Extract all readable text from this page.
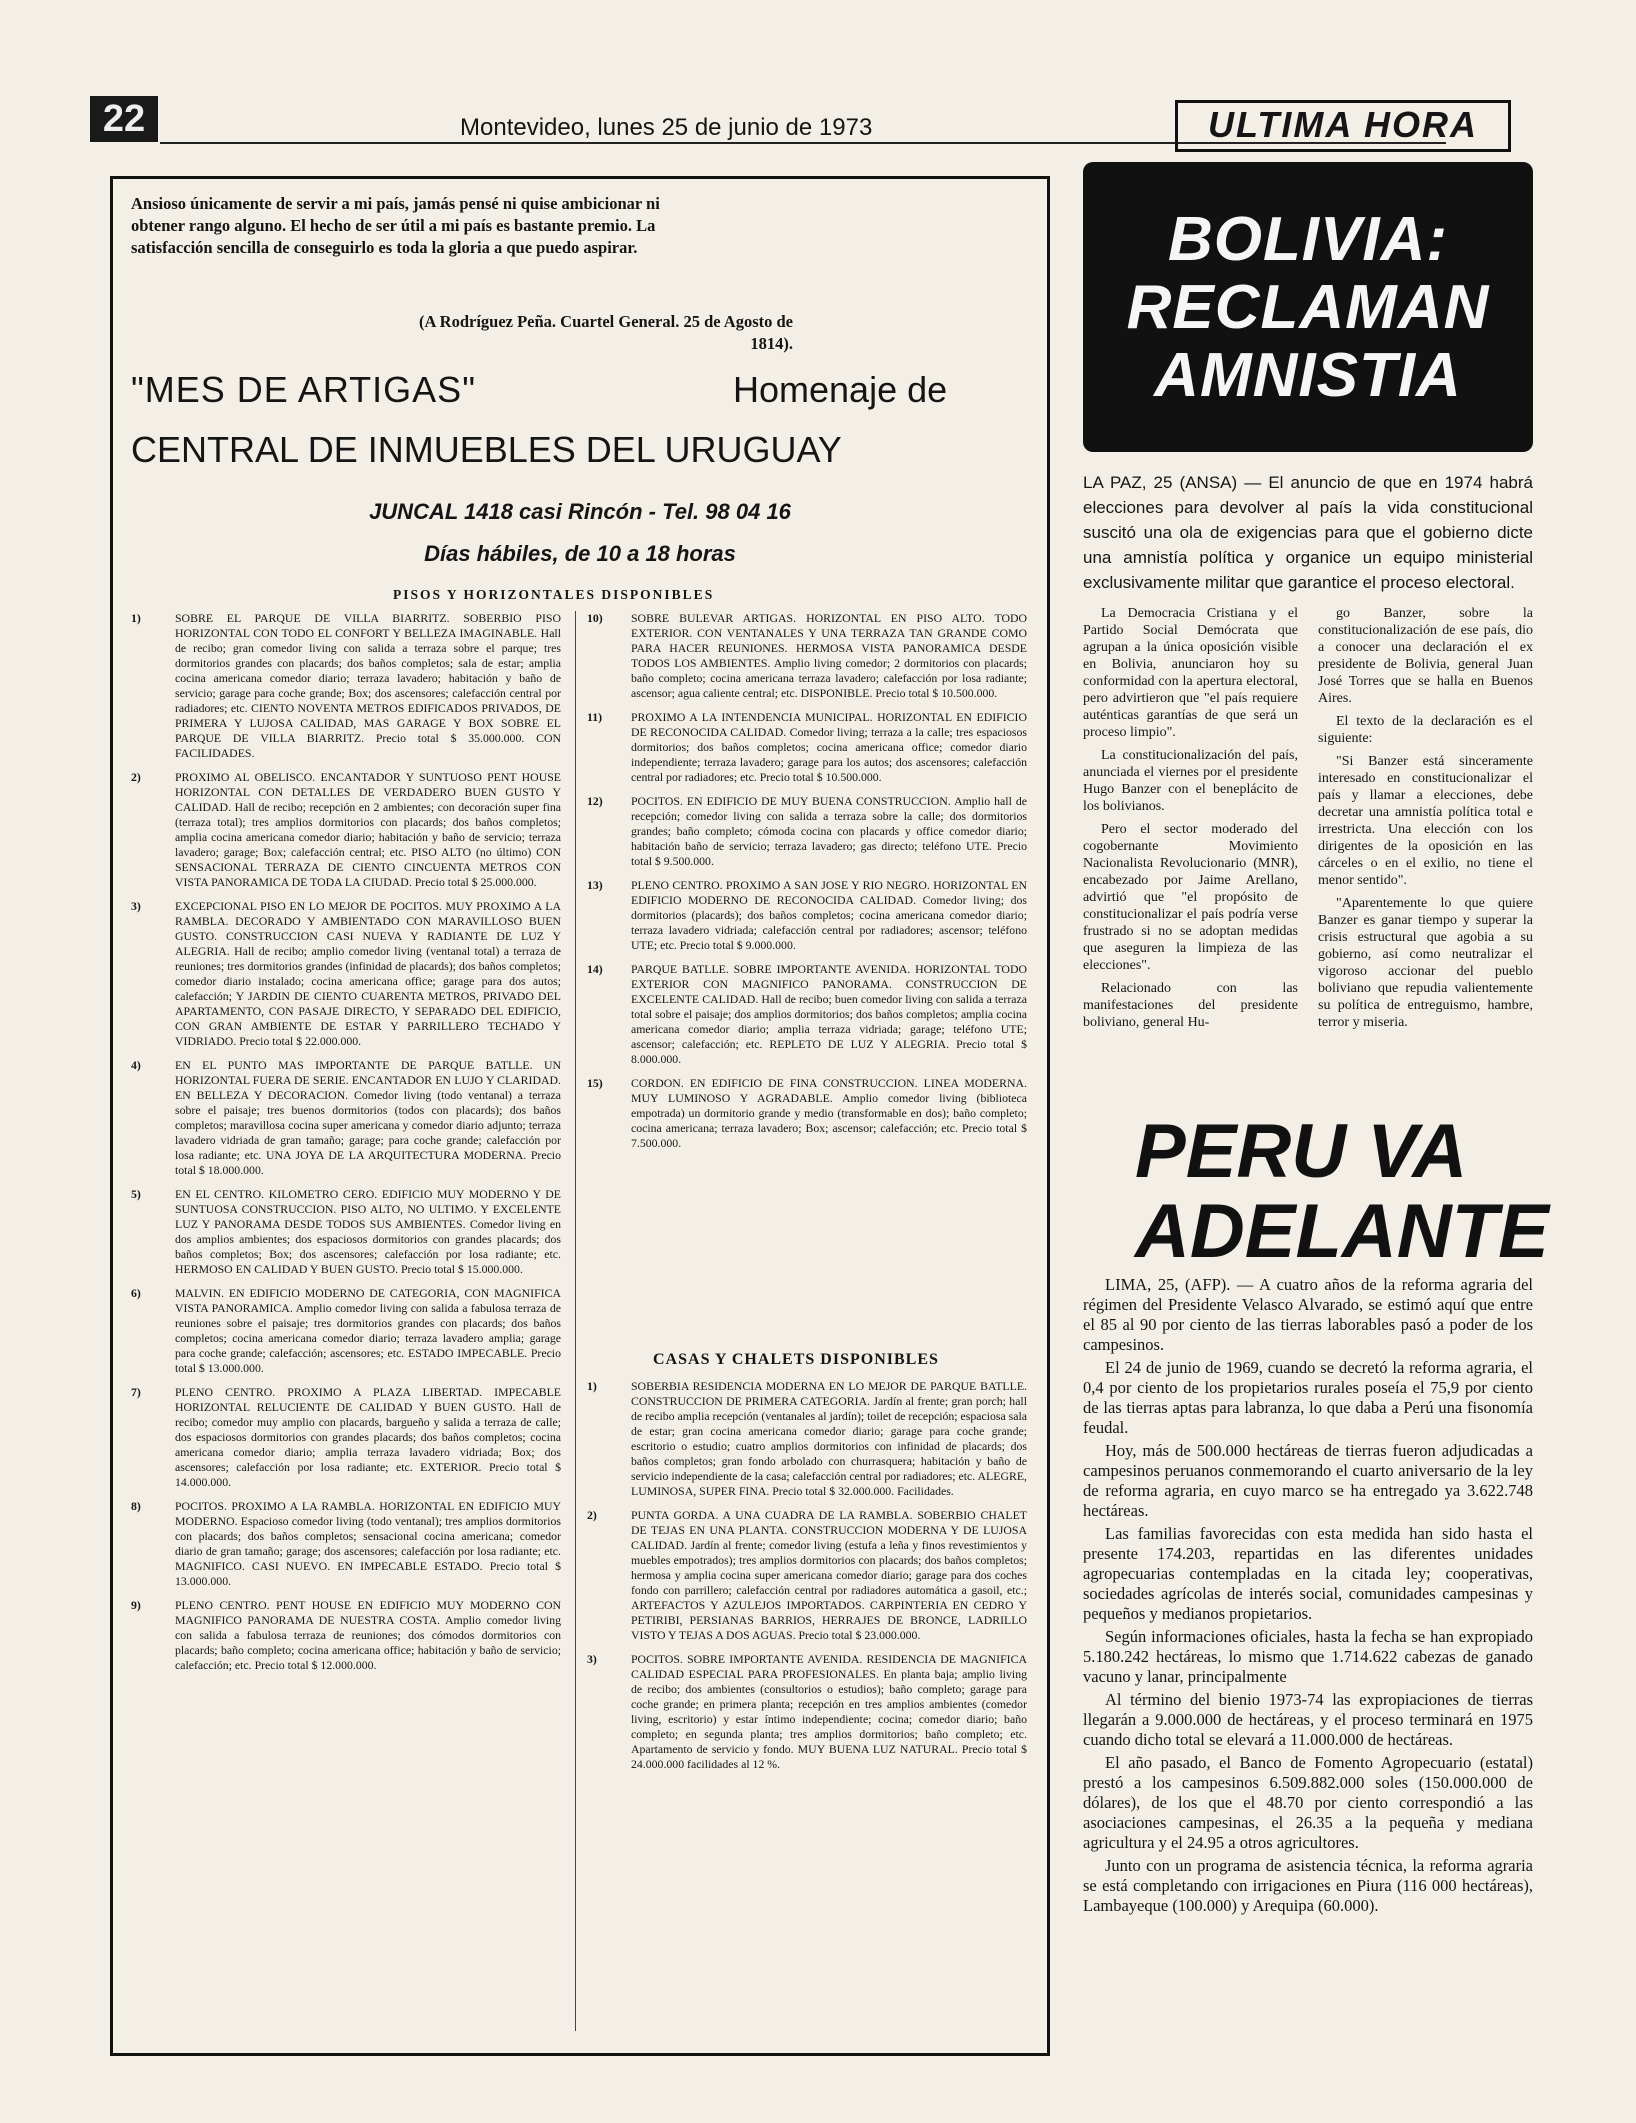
22	Montevideo, lunes 25 de junio de 1973	ULTIMA HORA
Ansioso únicamente de servir a mi país, jamás pensé ni quise ambicionar ni obtener rango alguno. El hecho de ser útil a mi país es bastante premio. La satisfacción sencilla de conseguirlo es toda la gloria a que puedo aspirar.
(A Rodríguez Peña. Cuartel General. 25 de Agosto de 1814).
"MES DE ARTIGAS"	Homenaje de
CENTRAL DE INMUEBLES DEL URUGUAY
JUNCAL 1418 casi Rincón - Tel. 98 04 16
Días hábiles, de 10 a 18 horas
PISOS Y HORIZONTALES DISPONIBLES
1)	SOBRE EL PARQUE DE VILLA BIARRITZ. SOBERBIO PISO HORIZONTAL CON TODO EL CONFORT Y BELLEZA IMAGINABLE. Hall de recibo; gran comedor living con salida a terraza sobre el parque; tres dormitorios grandes con placards; dos baños completos; sala de estar; amplia cocina americana comedor diario; terraza lavadero; habitación y baño de servicio; garage para coche grande; Box; dos ascensores; calefacción central por radiadores; etc. CIENTO NOVENTA METROS EDIFICADOS PRIVADOS, DE PRIMERA Y LUJOSA CALIDAD, MAS GARAGE Y BOX SOBRE EL PARQUE DE VILLA BIARRITZ. Precio total $ 35.000.000. CON FACILIDADES.
2)	PROXIMO AL OBELISCO. ENCANTADOR Y SUNTUOSO PENT HOUSE HORIZONTAL CON DETALLES DE VERDADERO BUEN GUSTO Y CALIDAD. Hall de recibo; recepción en 2 ambientes; con decoración super fina (terraza total); tres amplios dormitorios con placards; dos baños completos; amplia cocina americana comedor diario; habitación y baño de servicio; terraza lavadero; garage; Box; calefacción central; etc. PISO ALTO (no último) CON SENSACIONAL TERRAZA DE CIENTO CINCUENTA METROS CON VISTA PANORAMICA DE TODA LA CIUDAD. Precio total $ 25.000.000.
3)	EXCEPCIONAL PISO EN LO MEJOR DE POCITOS. MUY PROXIMO A LA RAMBLA. DECORADO Y AMBIENTADO CON MARAVILLOSO BUEN GUSTO. CONSTRUCCION CASI NUEVA Y RADIANTE DE LUZ Y ALEGRIA. Hall de recibo; amplio comedor living (ventanal total) a terraza de reuniones; tres dormitorios grandes (infinidad de placards); dos baños completos; comedor diario instalado; cocina americana office; garage para dos autos; calefacción; Y JARDIN DE CIENTO CUARENTA METROS, PRIVADO DEL APARTAMENTO, CON PASAJE DIRECTO, Y SEPARADO DEL EDIFICIO, CON GRAN AMBIENTE DE ESTAR Y PARRILLERO TECHADO Y VIDRIADO. Precio total $ 22.000.000.
4)	EN EL PUNTO MAS IMPORTANTE DE PARQUE BATLLE. UN HORIZONTAL FUERA DE SERIE. ENCANTADOR EN LUJO Y CLARIDAD. EN BELLEZA Y DECORACION. Comedor living (todo ventanal) a terraza sobre el paisaje; tres buenos dormitorios (todos con placards); dos baños completos; maravillosa cocina super americana y comedor diario adjunto; terraza lavadero vidriada de gran tamaño; garage; para coche grande; calefacción por losa radiante; etc. UNA JOYA DE LA ARQUITECTURA MODERNA. Precio total $ 18.000.000.
5)	EN EL CENTRO. KILOMETRO CERO. EDIFICIO MUY MODERNO Y DE SUNTUOSA CONSTRUCCION. PISO ALTO, NO ULTIMO. Y EXCELENTE LUZ Y PANORAMA DESDE TODOS SUS AMBIENTES. Comedor living en dos amplios ambientes; dos espaciosos dormitorios con grandes placards; dos baños completos; Box; dos ascensores; calefacción por losa radiante; etc. HERMOSO EN CALIDAD Y BUEN GUSTO. Precio total $ 15.000.000.
6)	MALVIN. EN EDIFICIO MODERNO DE CATEGORIA, CON MAGNIFICA VISTA PANORAMICA. Amplio comedor living con salida a fabulosa terraza de reuniones sobre el paisaje; tres dormitorios grandes con placards; dos baños completos; cocina americana comedor diario; terraza lavadero amplia; garage para coche grande; calefacción; ascensores; etc. ESTADO IMPECABLE. Precio total $ 13.000.000.
7)	PLENO CENTRO. PROXIMO A PLAZA LIBERTAD. IMPECABLE HORIZONTAL RELUCIENTE DE CALIDAD Y BUEN GUSTO. Hall de recibo; comedor muy amplio con placards, bargueño y salida a terraza de calle; dos espaciosos dormitorios con grandes placards; dos baños completos; cocina americana comedor diario; amplia terraza lavadero vidriada; Box; dos ascensores; calefacción por losa radiante; etc. EXTERIOR. Precio total $ 14.000.000.
8)	POCITOS. PROXIMO A LA RAMBLA. HORIZONTAL EN EDIFICIO MUY MODERNO. Espacioso comedor living (todo ventanal); tres amplios dormitorios con placards; dos baños completos; sensacional cocina americana; comedor diario de gran tamaño; garage; dos ascensores; calefacción por losa radiante; etc. MAGNIFICO. CASI NUEVO. EN IMPECABLE ESTADO. Precio total $ 13.000.000.
9)	PLENO CENTRO. PENT HOUSE EN EDIFICIO MUY MODERNO CON MAGNIFICO PANORAMA DE NUESTRA COSTA. Amplio comedor living con salida a fabulosa terraza de reuniones; dos cómodos dormitorios con placards; baño completo; cocina americana office; habitación y baño de servicio; calefacción; etc. Precio total $ 12.000.000.
10) SOBRE BULEVAR ARTIGAS. HORIZONTAL EN PISO ALTO. TODO EXTERIOR. CON VENTANALES Y UNA TERRAZA TAN GRANDE COMO PARA HACER REUNIONES. HERMOSA VISTA PANORAMICA DESDE TODOS LOS AMBIENTES. Amplio living comedor; 2 dormitorios con placards; baño completo; cocina americana terraza lavadero; calefacción por losa radiante; ascensor; agua caliente central; etc. DISPONIBLE. Precio total $ 10.500.000.
11) PROXIMO A LA INTENDENCIA MUNICIPAL. HORIZONTAL EN EDIFICIO DE RECONOCIDA CALIDAD. Comedor living; terraza a la calle; tres espaciosos dormitorios; dos baños completos; cocina americana office; comedor diario independiente; terraza lavadero; garage para los autos; dos ascensores; calefacción central por radiadores; etc. Precio total $ 10.500.000.
12) POCITOS. EN EDIFICIO DE MUY BUENA CONSTRUCCION. Amplio hall de recepción; comedor living con salida a terraza sobre la calle; dos dormitorios grandes; baño completo; cómoda cocina con placards y office comedor diario; habitación baño de servicio; terraza lavadero; gas directo; teléfono UTE. Precio total $ 9.500.000.
13) PLENO CENTRO. PROXIMO A SAN JOSE Y RIO NEGRO. HORIZONTAL EN EDIFICIO MODERNO DE RECONOCIDA CALIDAD. Comedor living; dos dormitorios (placards); dos baños completos; cocina americana comedor diario; terraza lavadero vidriada; calefacción central por radiadores; ascensor; teléfono UTE; etc. Precio total $ 9.000.000.
14) PARQUE BATLLE. SOBRE IMPORTANTE AVENIDA. HORIZONTAL TODO EXTERIOR CON MAGNIFICO PANORAMA. CONSTRUCCION DE EXCELENTE CALIDAD. Hall de recibo; buen comedor living con salida a terraza total sobre el paisaje; dos amplios dormitorios; dos baños completos; amplia cocina americana comedor diario; amplia terraza vidriada; garage; teléfono UTE; ascensor; calefacción; etc. REPLETO DE LUZ Y ALEGRIA. Precio total $ 8.000.000.
15) CORDON. EN EDIFICIO DE FINA CONSTRUCCION. LINEA MODERNA. MUY LUMINOSO Y AGRADABLE. Amplio comedor living (biblioteca empotrada) un dormitorio grande y medio (transformable en dos); baño completo; cocina americana; terraza lavadero; Box; ascensor; calefacción; etc. Precio total $ 7.500.000.
CASAS Y CHALETS DISPONIBLES
1)	SOBERBIA RESIDENCIA MODERNA EN LO MEJOR DE PARQUE BATLLE. CONSTRUCCION DE PRIMERA CATEGORIA. Jardín al frente; gran porch; hall de recibo amplia recepción (ventanales al jardín); toilet de recepción; espaciosa sala de estar; gran cocina americana comedor diario; garage para coche grande; escritorio o estudio; cuatro amplios dormitorios con infinidad de placards; dos baños completos; gran fondo arbolado con churrasquera; habitación y baño de servicio independiente de la casa; calefacción central por radiadores; etc. ALEGRE, LUMINOSA, SUPER FINA. Precio total $ 32.000.000. Facilidades.
2)	PUNTA GORDA. A UNA CUADRA DE LA RAMBLA. SOBERBIO CHALET DE TEJAS EN UNA PLANTA. CONSTRUCCION MODERNA Y DE LUJOSA CALIDAD. Jardín al frente; comedor living (estufa a leña y finos revestimientos y muebles empotrados); tres amplios dormitorios con placards; dos baños completos; hermosa y amplia cocina super americana comedor diario; garage para dos coches fondo con parrillero; calefacción central por radiadores automática a gasoil, etc.; ARTEFACTOS Y AZULEJOS IMPORTADOS. CARPINTERIA EN CEDRO Y PETIRIBI, PERSIANAS BARRIOS, HERRAJES DE BRONCE, LADRILLO VISTO Y TEJAS A DOS AGUAS. Precio total $ 23.000.000.
3)	POCITOS. SOBRE IMPORTANTE AVENIDA. RESIDENCIA DE MAGNIFICA CALIDAD ESPECIAL PARA PROFESIONALES. En planta baja; amplio living de recibo; dos ambientes (consultorios o estudios); baño completo; garage para coche grande; en primera planta; recepción en tres amplios ambientes (comedor living, escritorio) y estar íntimo independiente; cocina; comedor diario; baño completo; en segunda planta; tres amplios dormitorios; baño completo; etc. Apartamento de servicio y fondo. MUY BUENA LUZ NATURAL. Precio total $ 24.000.000 facilidades al 12 %.
BOLIVIA:
RECLAMAN
AMNISTIA
LA PAZ, 25 (ANSA) — El anuncio de que en 1974 habrá elecciones para devolver al país la vida constitucional suscitó una ola de exigencias para que el gobierno dicte una amnistía política y organice un equipo ministerial exclusivamente militar que garantice el proceso electoral.

La Democracia Cristiana y el Partido Social Demócrata que agrupan a la única oposición visible en Bolivia, anunciaron hoy su conformidad con la apertura electoral, pero advirtieron que "el país requiere auténticas garantías de que será un proceso limpio".

La constitucionalización del país, anunciada el viernes por el presidente Hugo Banzer con el beneplácito de los bolivianos.

Pero el sector moderado del cogobernante Movimiento Nacionalista Revolucionario (MNR), encabezado por Jaime Arellano, advirtió que "el propósito de constitucionalizar el país podría verse frustrado si no se adoptan medidas que aseguren la limpieza de las elecciones".

Relacionado con las manifestaciones del presidente boliviano, general Hu-

go Banzer, sobre la constitucionalización de ese país, dio a conocer una declaración el ex presidente de Bolivia, general Juan José Torres que se halla en Buenos Aires.

El texto de la declaración es el siguiente:

"Si Banzer está sinceramente interesado en constitucionalizar el país y llamar a elecciones, debe decretar una amnistía política total e irrestricta. Una elección con los dirigentes de la oposición en las cárceles o en el exilio, no tiene el menor sentido".

"Aparentemente lo que quiere Banzer es ganar tiempo y superar la crisis estructural que agobia a su gobierno, así como neutralizar el vigoroso accionar del pueblo boliviano que repudia valientemente su política de entreguismo, hambre, terror y miseria.

PERU VA
ADELANTE

LIMA, 25, (AFP). — A cuatro años de la reforma agraria del régimen del Presidente Velasco Alvarado, se estimó aquí que entre el 85 al 90 por ciento de las tierras laborables pasó a poder de los campesinos.

El 24 de junio de 1969, cuando se decretó la reforma agraria, el 0,4 por ciento de los propietarios rurales poseía el 75,9 por ciento de las tierras aptas para labranza, lo que daba a Perú una fisonomía feudal.

Hoy, más de 500.000 hectáreas de tierras fueron adjudicadas a campesinos peruanos conmemorando el cuarto aniversario de la ley de reforma agraria, en cuyo marco se ha entregado ya 3.622.748 hectáreas.

Las familias favorecidas con esta medida han sido hasta el presente 174.203, repartidas en las diferentes unidades agropecuarias contempladas en la citada ley; cooperativas, sociedades agrícolas de interés social, comunidades campesinas y pequeños y medianos propietarios.

Según informaciones oficiales, hasta la fecha se han expropiado 5.180.242 hectáreas, lo mismo que 1.714.622 cabezas de ganado vacuno y lanar, principalmente

Al término del bienio 1973-74 las expropiaciones de tierras llegarán a 9.000.000 de hectáreas, y el proceso terminará en 1975 cuando dicho total se elevará a 11.000.000 de hectáreas.

El año pasado, el Banco de Fomento Agropecuario (estatal) prestó a los campesinos 6.509.882.000 soles (150.000.000 de dólares), de los que el 48.70 por ciento correspondió a las asociaciones campesinas, el 26.35 a la pequeña y mediana agricultura y el 24.95 a otros agricultores.

Junto con un programa de asistencia técnica, la reforma agraria se está completando con irrigaciones en Piura (116 000 hectáreas), Lambayeque (100.000) y Arequipa (60.000).
